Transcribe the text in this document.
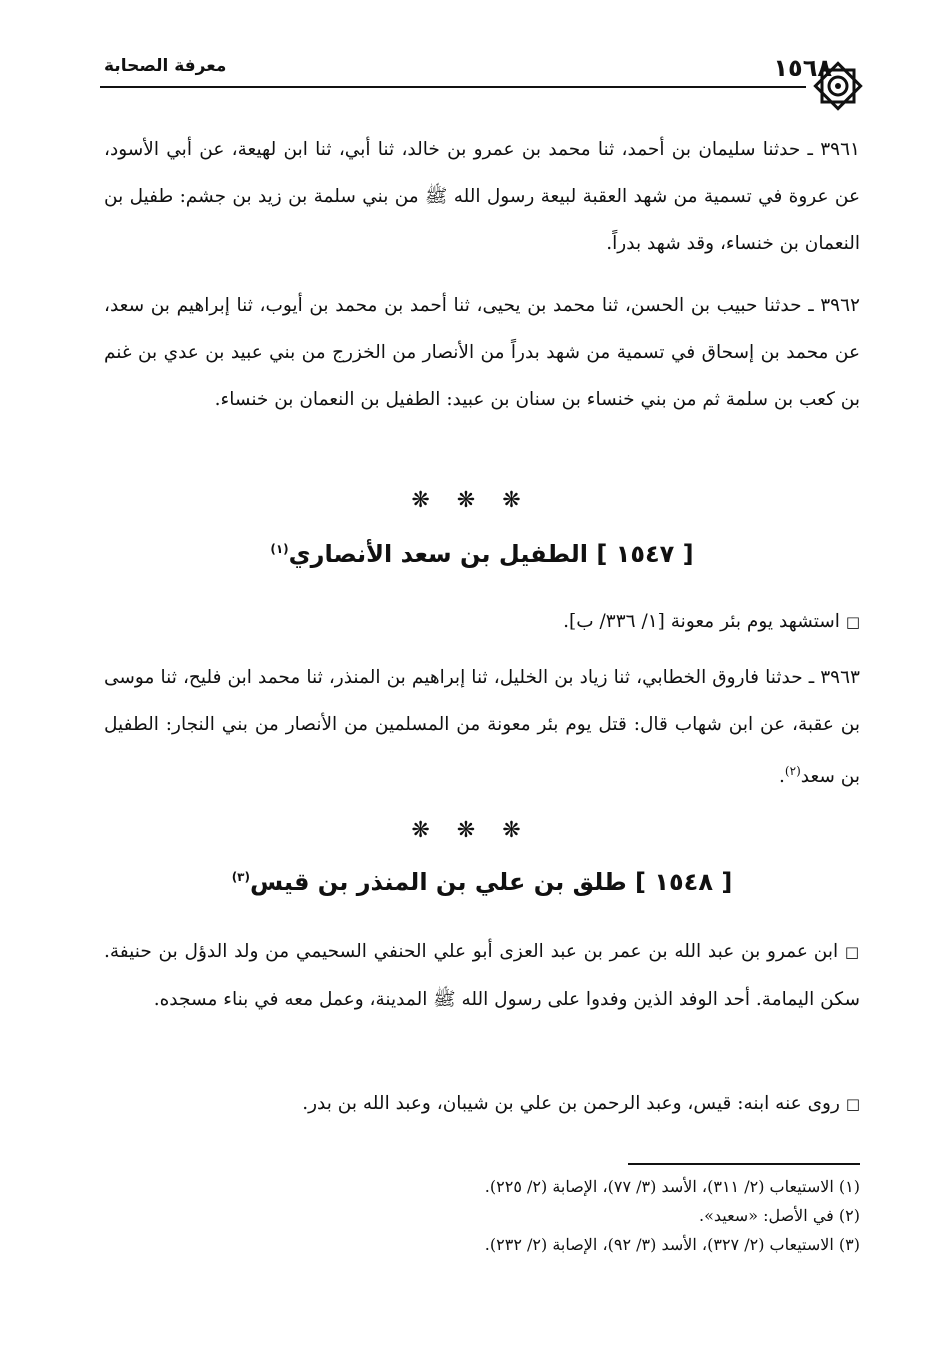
١٥٦٨
معرفة الصحابة
٣٩٦١ ـ حدثنا سليمان بن أحمد، ثنا محمد بن عمرو بن خالد، ثنا أبي، ثنا ابن لهيعة، عن أبي الأسود، عن عروة في تسمية من شهد العقبة لبيعة رسول الله ﷺ من بني سلمة بن زيد بن جشم: طفيل بن النعمان بن خنساء، وقد شهد بدراً.
٣٩٦٢ ـ حدثنا حبيب بن الحسن، ثنا محمد بن يحيى، ثنا أحمد بن محمد بن أيوب، ثنا إبراهيم بن سعد، عن محمد بن إسحاق في تسمية من شهد بدراً من الأنصار من الخزرج من بني عبيد بن عدي بن غنم بن كعب بن سلمة ثم من بني خنساء بن سنان بن عبيد: الطفيل بن النعمان بن خنساء.
❋ ❋ ❋
[ ١٥٤٧ ] الطفيل بن سعد الأنصاري$^{(١)}$
□ استشهد يوم بئر معونة [١/ ٣٣٦/ ب].
٣٩٦٣ ـ حدثنا فاروق الخطابي، ثنا زياد بن الخليل، ثنا إبراهيم بن المنذر، ثنا محمد ابن فليح، ثنا موسى بن عقبة، عن ابن شهاب قال: قتل يوم بئر معونة من المسلمين من الأنصار من بني النجار: الطفيل بن سعد$^{(٢)}$.
❋ ❋ ❋
[ ١٥٤٨ ] طلق بن علي بن المنذر بن قيس$^{(٣)}$
□ ابن عمرو بن عبد الله بن عمر بن عبد العزى أبو علي الحنفي السحيمي من ولد الدؤل بن حنيفة. سكن اليمامة. أحد الوفد الذين وفدوا على رسول الله ﷺ المدينة، وعمل معه في بناء مسجده.
□ روى عنه ابنه: قيس، وعبد الرحمن بن علي بن شيبان، وعبد الله بن بدر.
(١) الاستيعاب (٢/ ٣١١)، الأسد (٣/ ٧٧)، الإصابة (٢/ ٢٢٥).
(٢) في الأصل: «سعيد».
(٣) الاستيعاب (٢/ ٣٢٧)، الأسد (٣/ ٩٢)، الإصابة (٢/ ٢٣٢).
